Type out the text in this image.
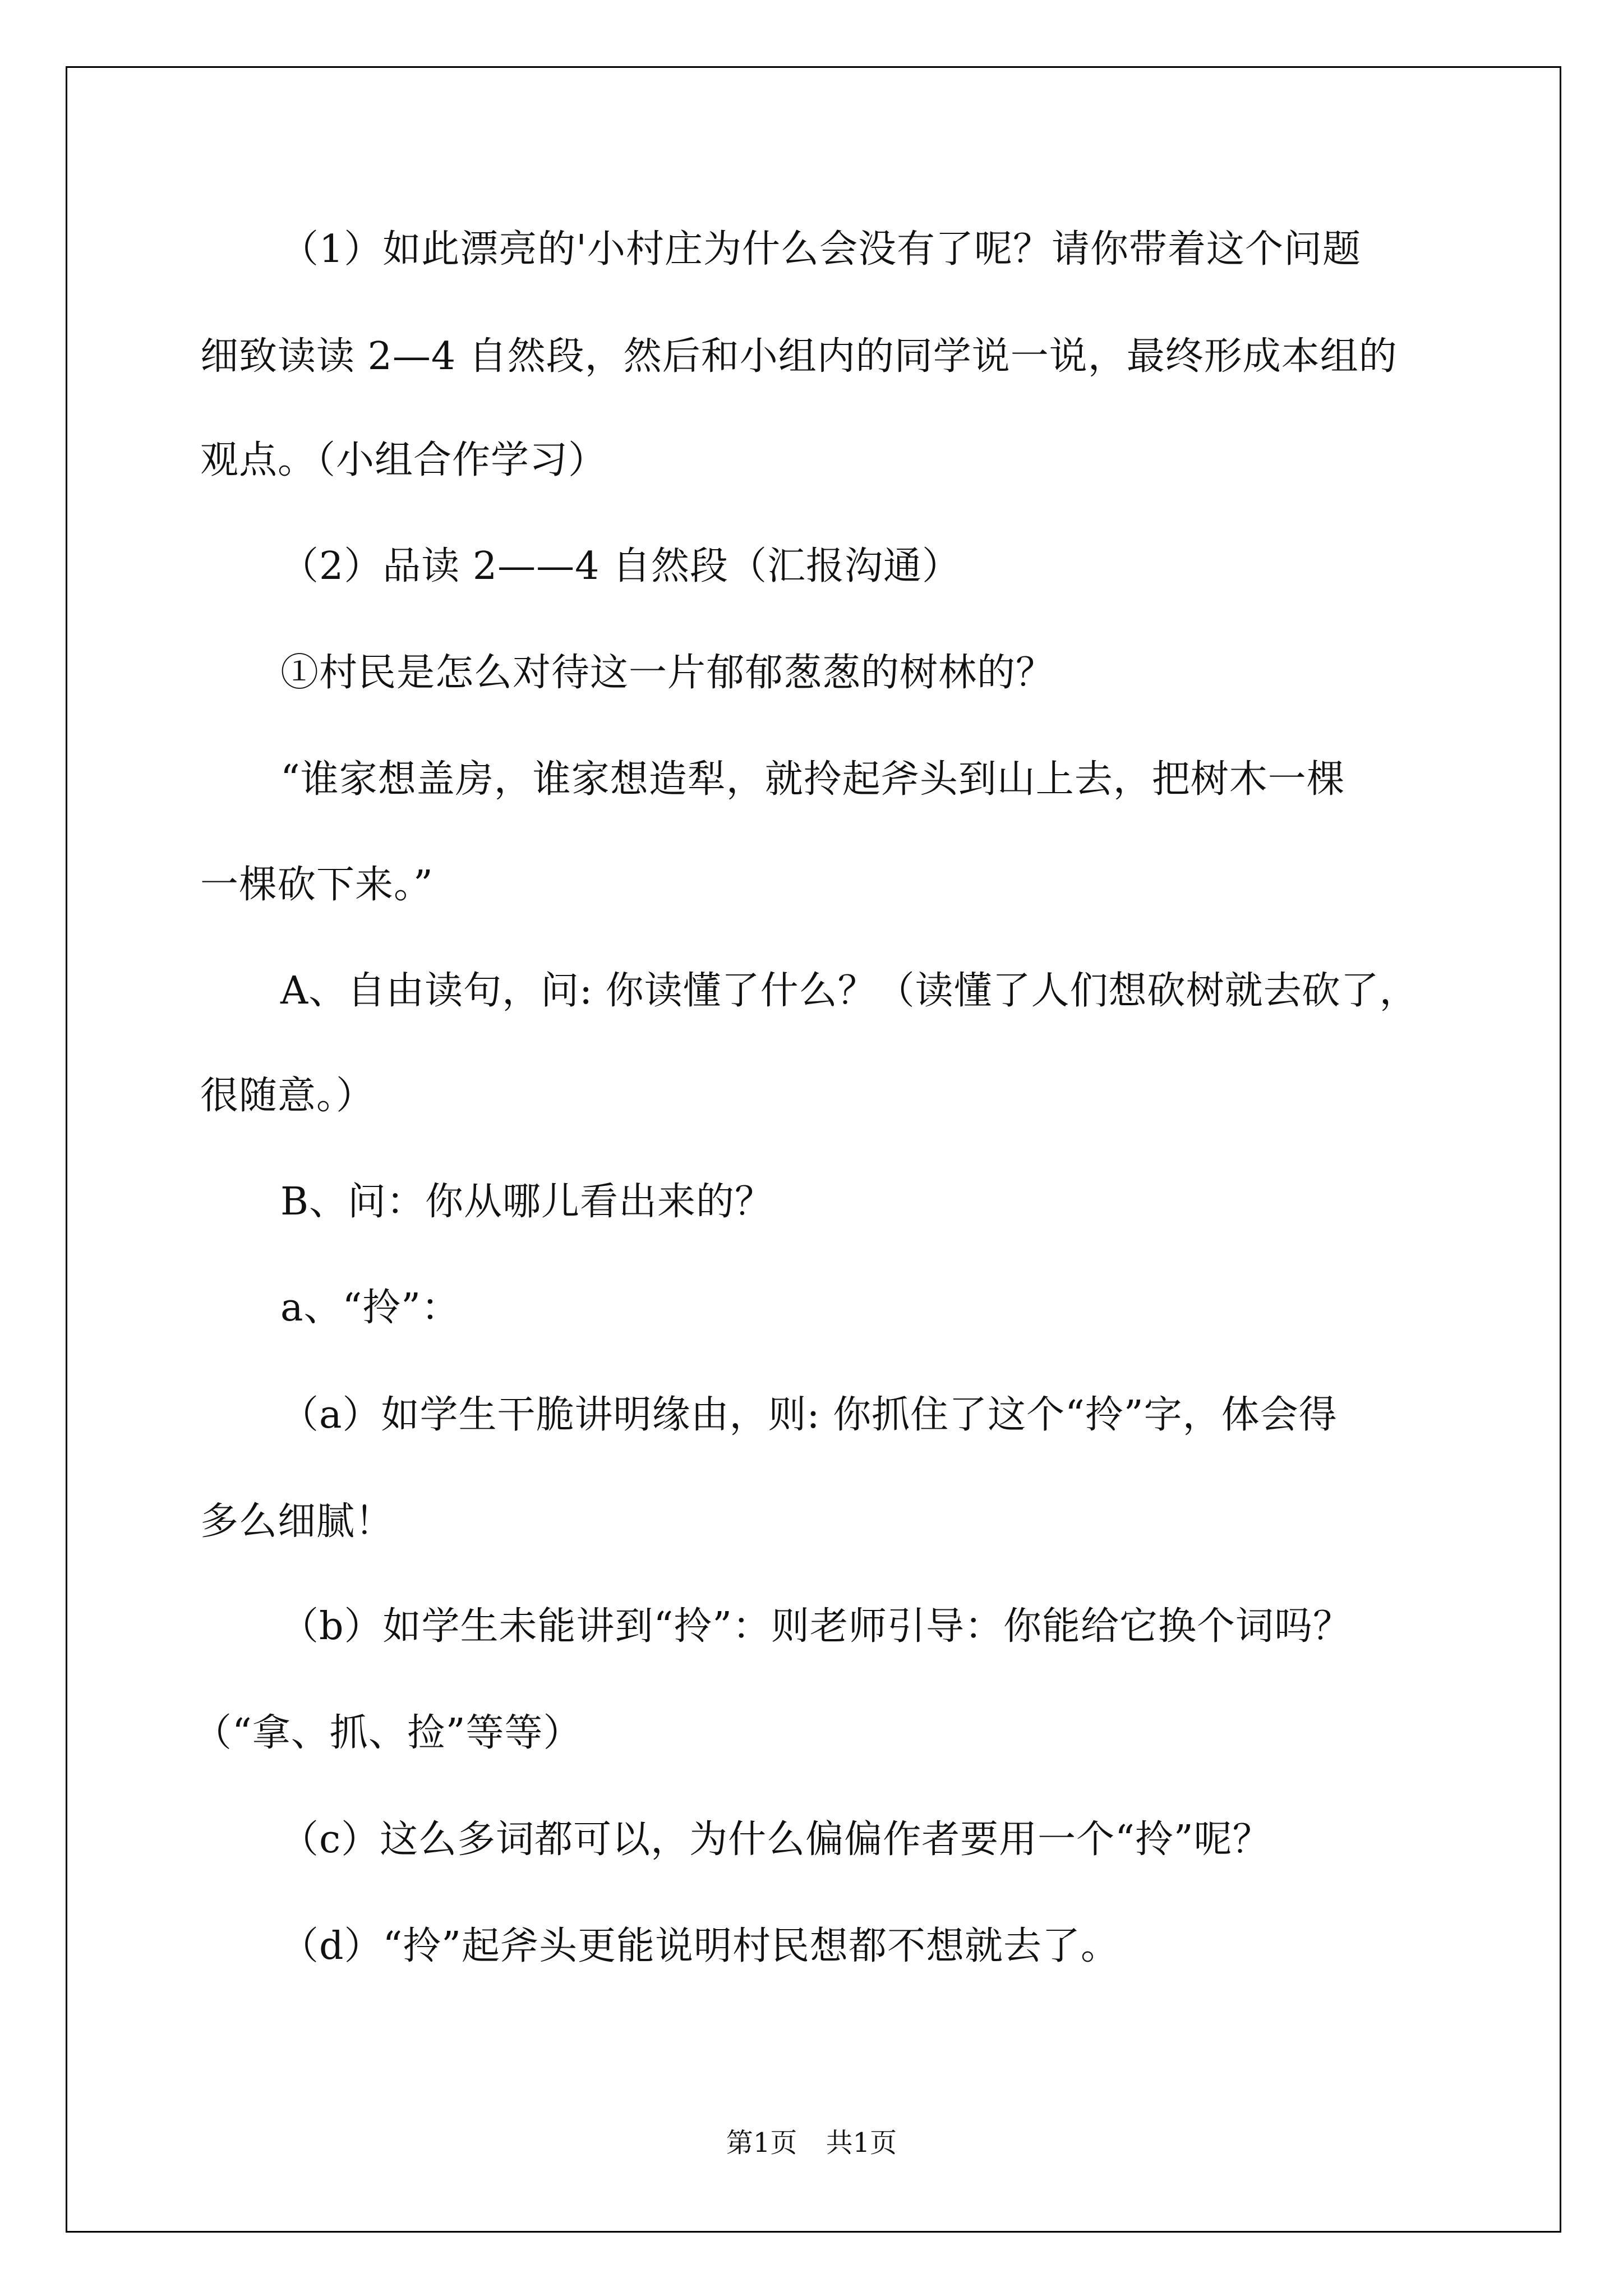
（1）如此漂亮的'小村庄为什么会没有了呢？请你带着这个问题
细致读读 2—4 自然段，然后和小组内的同学说一说，最终形成本组的
观点。（小组合作学习）
（2）品读 2——4 自然段（汇报沟通）
①村民是怎么对待这一片郁郁葱葱的树林的？
“谁家想盖房，谁家想造犁，就拎起斧头到山上去，把树木一棵
一棵砍下来。”
A、自由读句，问: 你读懂了什么？（读懂了人们想砍树就去砍了，
很随意。）
B、问：你从哪儿看出来的？
a、“拎”：
（a）如学生干脆讲明缘由，则: 你抓住了这个“拎”字，体会得
多么细腻！
（b）如学生未能讲到“拎”：则老师引导：你能给它换个词吗？
（“拿、抓、捡”等等）
（c）这么多词都可以，为什么偏偏作者要用一个“拎”呢？
（d）“拎”起斧头更能说明村民想都不想就去了。
第1页 共1页
